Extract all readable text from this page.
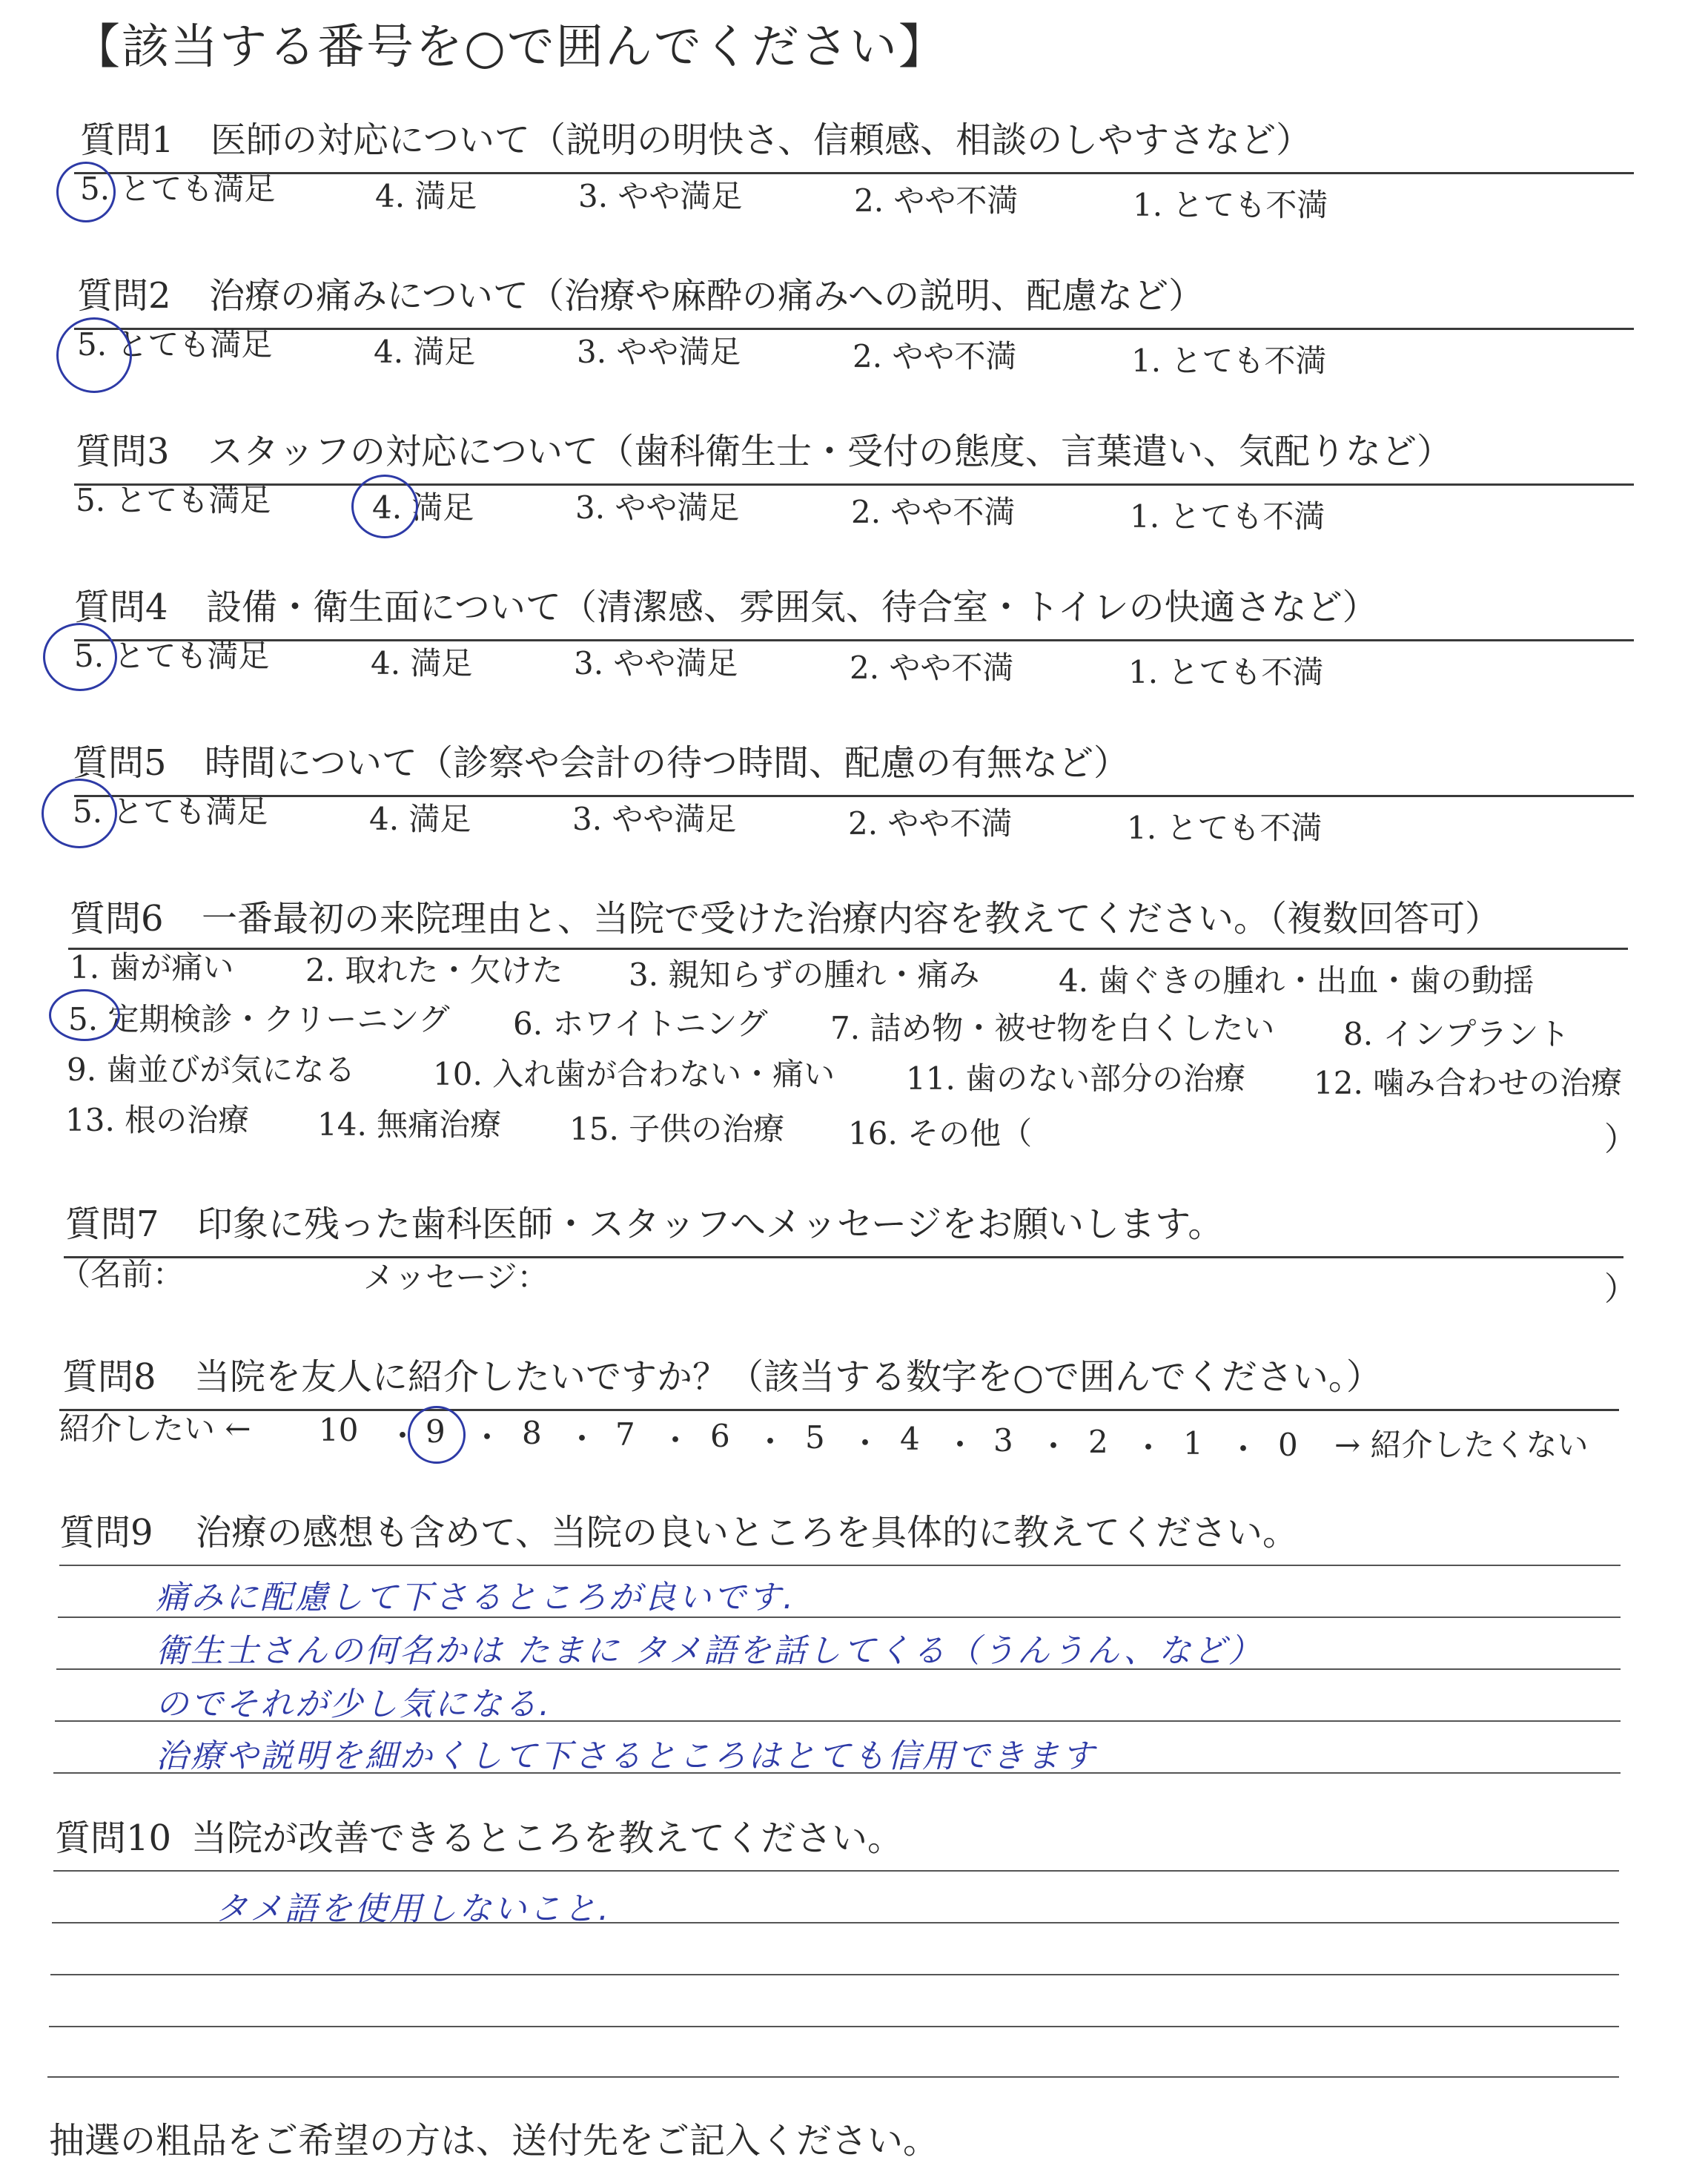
【該当する番号を○で囲んでください】
質問1 医師の対応について（説明の明快さ、信頼感、相談のしやすさなど）
5. とても満足	4. 満足	3. やや満足	2. やや不満	1. とても不満
質問2 治療の痛みについて（治療や麻酔の痛みへの説明、配慮など）
5. とても満足	4. 満足	3. やや満足	2. やや不満	1. とても不満
質問3 スタッフの対応について（歯科衛生士・受付の態度、言葉遣い、気配りなど）
5. とても満足	4. 満足	3. やや満足	2. やや不満	1. とても不満
質問4 設備・衛生面について（清潔感、雰囲気、待合室・トイレの快適さなど）
5. とても満足	4. 満足	3. やや満足	2. やや不満	1. とても不満
質問5 時間について（診察や会計の待つ時間、配慮の有無など）
5. とても満足	4. 満足	3. やや満足	2. やや不満	1. とても不満
質問6 一番最初の来院理由と、当院で受けた治療内容を教えてください。（複数回答可）
1. 歯が痛い 2. 取れた・欠けた 3. 親知らずの腫れ・痛み	4. 歯ぐきの腫れ・出血・歯の動揺
5. 定期検診・クリーニング 6. ホワイトニング 7. 詰め物・被せ物を白くしたい 8. インプラント
9. 歯並びが気になる 10. 入れ歯が合わない・痛い 11. 歯のない部分の治療 12. 噛み合わせの治療
13. 根の治療 14. 無痛治療 15. 子供の治療 16. その他（	）
質問7 印象に残った歯科医師・スタッフへメッセージをお願いします。
（名前：	メッセージ：	）
質問8 当院を友人に紹介したいですか？（該当する数字を○で囲んでください。）
紹介したい ← 10 ・ 9 ・ 8 ・ 7 ・ 6 ・ 5 ・ 4 ・ 3 ・ 2 ・ 1 ・ 0 → 紹介したくない
質問9 治療の感想も含めて、当院の良いところを具体的に教えてください。
痛みに配慮して下さるところが良いです.
衛生士さんの何名かは たまに タメ語を話してくる（うんうん、など）
のでそれが少し気になる.
治療や説明を細かくして下さるところはとても信用できます
質問10 当院が改善できるところを教えてください。
タメ語を使用しないこと.
抽選の粗品をご希望の方は、送付先をご記入ください。
